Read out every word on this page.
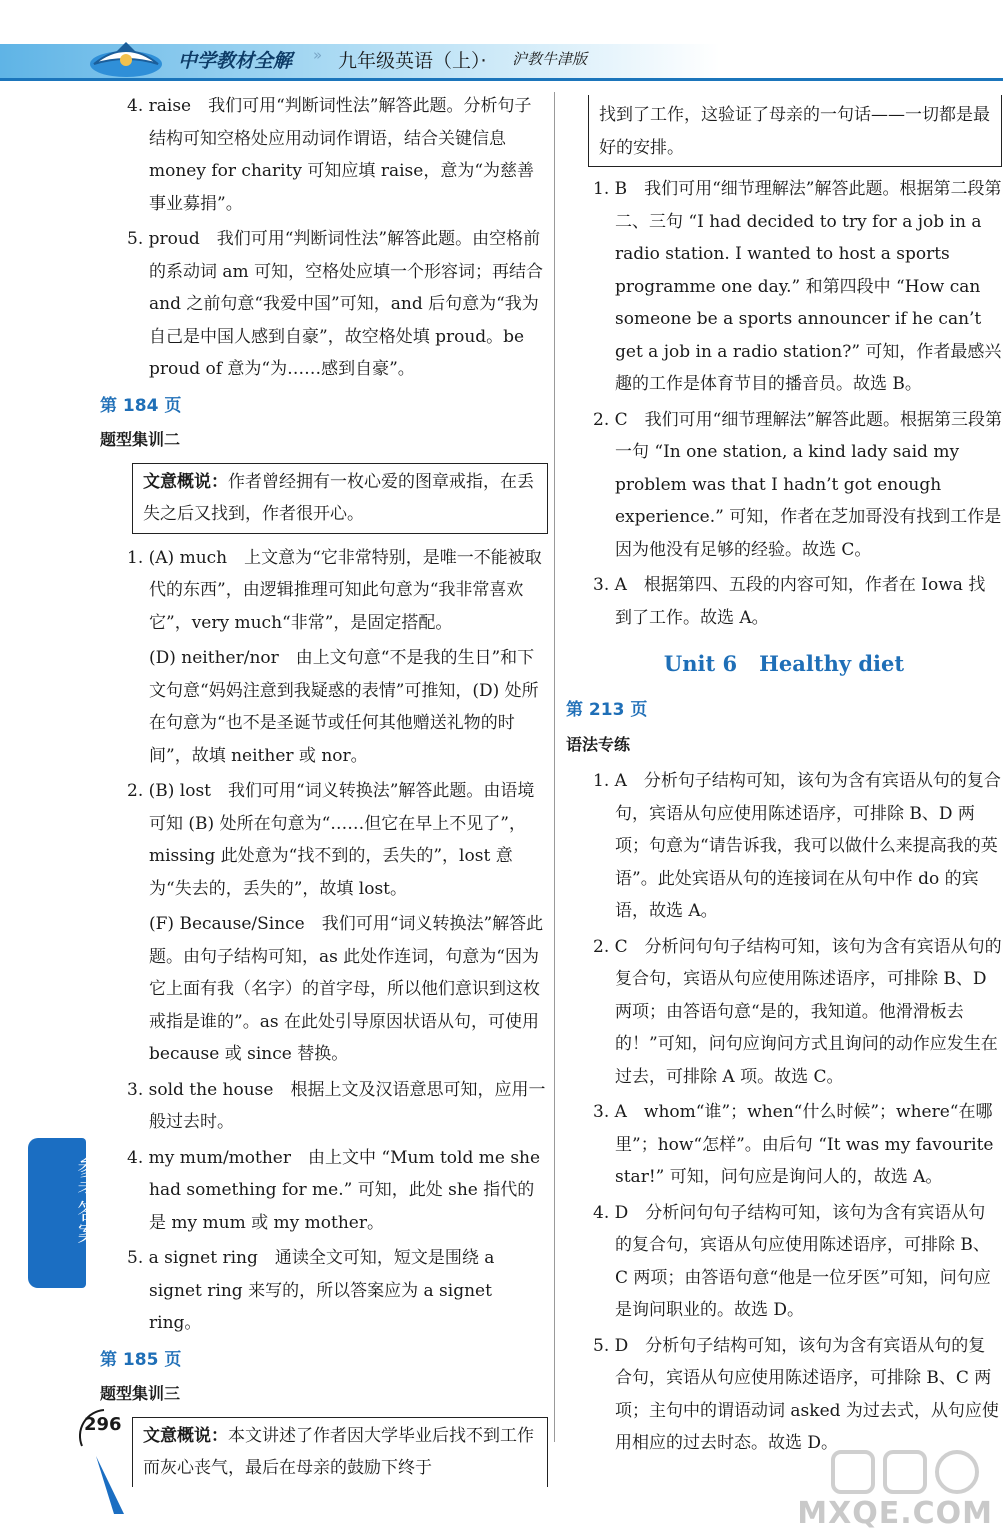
中学教材全解 » 九年级英语（上）· 沪教牛津版

4. raise　我们可用“判断词性法”解答此题。分析句子结构可知空格处应用动词作谓语，结合关键信息 money for charity 可知应填 raise，意为“为慈善事业募捐”。

5. proud　我们可用“判断词性法”解答此题。由空格前的系动词 am 可知，空格处应填一个形容词；再结合 and 之前句意“我爱中国”可知，and 后句意为“我为自己是中国人感到自豪”，故空格处填 proud。be proud of 意为“为……感到自豪”。

第 184 页
题型集训二
文意概说：作者曾经拥有一枚心爱的图章戒指，在丢失之后又找到，作者很开心。

1. (A) much　上文意为“它非常特别，是唯一不能被取代的东西”，由逻辑推理可知此句意为“我非常喜欢它”，very much“非常”，是固定搭配。

(D) neither/nor　由上文句意“不是我的生日”和下文句意“妈妈注意到我疑惑的表情”可推知，(D) 处所在句意为“也不是圣诞节或任何其他赠送礼物的时间”，故填 neither 或 nor。

2. (B) lost　我们可用“词义转换法”解答此题。由语境可知 (B) 处所在句意为“……但它在早上不见了”，missing 此处意为“找不到的，丢失的”，lost 意为“失去的，丢失的”，故填 lost。

(F) Because/Since　我们可用“词义转换法”解答此题。由句子结构可知，as 此处作连词，句意为“因为它上面有我（名字）的首字母，所以他们意识到这枚戒指是谁的”。as 在此处引导原因状语从句，可使用 because 或 since 替换。

3. sold the house　根据上文及汉语意思可知，应用一般过去时。

4. my mum/mother　由上文中 “Mum told me she had something for me.” 可知，此处 she 指代的是 my mum 或 my mother。

5. a signet ring　通读全文可知，短文是围绕 a signet ring 来写的，所以答案应为 a signet ring。

第 185 页
题型集训三
文意概说：本文讲述了作者因大学毕业后找不到工作而灰心丧气，最后在母亲的鼓励下终于
找到了工作，这验证了母亲的一句话——一切都是最好的安排。

1. B　我们可用“细节理解法”解答此题。根据第二段第二、三句 “I had decided to try for a job in a radio station. I wanted to host a sports programme one day.” 和第四段中 “How can someone be a sports announcer if he can’t get a job in a radio station?” 可知，作者最感兴趣的工作是体育节目的播音员。故选 B。

2. C　我们可用“细节理解法”解答此题。根据第三段第一句 “In one station, a kind lady said my problem was that I hadn’t got enough experience.” 可知，作者在芝加哥没有找到工作是因为他没有足够的经验。故选 C。

3. A　根据第四、五段的内容可知，作者在 Iowa 找到了工作。故选 A。

Unit 6 Healthy diet
第 213 页
语法专练

1. A　分析句子结构可知，该句为含有宾语从句的复合句，宾语从句应使用陈述语序，可排除 B、D 两项；句意为“请告诉我，我可以做什么来提高我的英语”。此处宾语从句的连接词在从句中作 do 的宾语，故选 A。

2. C　分析问句句子结构可知，该句为含有宾语从句的复合句，宾语从句应使用陈述语序，可排除 B、D 两项；由答语句意“是的，我知道。他滑滑板去的！”可知，问句应询问方式且询问的动作应发生在过去，可排除 A 项。故选 C。

3. A　whom“谁”；when“什么时候”；where“在哪里”；how“怎样”。由后句 “It was my favourite star!” 可知，问句应是询问人的，故选 A。

4. D　分析问句句子结构可知，该句为含有宾语从句的复合句，宾语从句应使用陈述语序，可排除 B、C 两项；由答语句意“他是一位牙医”可知，问句应是询问职业的。故选 D。

5. D　分析句子结构可知，该句为含有宾语从句的复合句，宾语从句应使用陈述语序，可排除 B、C 两项；主句中的谓语动词 asked 为过去式，从句应使用相应的过去时态。故选 D。

参考答案
296
MXQE.COM
